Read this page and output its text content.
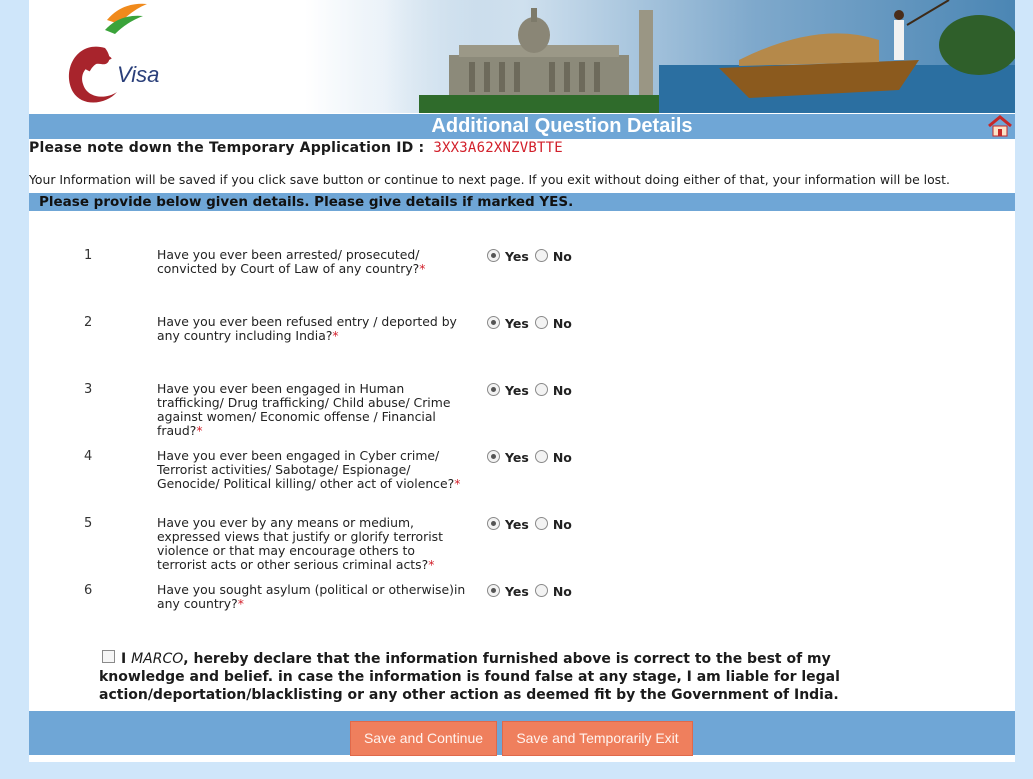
Visa
Additional Question Details
Please note down the Temporary Application ID : 3XX3A62XNZVBTTE
Your Information will be saved if you click save button or continue to next page. If you exit without doing either of that, your information will be lost.
Please provide below given details. Please give details if marked YES.
1	Have you ever been arrested/ prosecuted/ convicted by Court of Law of any country?*
Yes No
2	Have you ever been refused entry / deported by any country including India?*
Yes No
3	Have you ever been engaged in Human trafficking/ Drug trafficking/ Child abuse/ Crime against women/ Economic offense / Financial fraud?*
Yes No
4	Have you ever been engaged in Cyber crime/ Terrorist activities/ Sabotage/ Espionage/ Genocide/ Political killing/ other act of violence?*
Yes No
5	Have you ever by any means or medium, expressed views that justify or glorify terrorist violence or that may encourage others to terrorist acts or other serious criminal acts?*
Yes No
6	Have you sought asylum (political or otherwise)in any country?*
Yes No
I MARCO, hereby declare that the information furnished above is correct to the best of my knowledge and belief. in case the information is found false at any stage, I am liable for legal action/deportation/blacklisting or any other action as deemed fit by the Government of India.
Save and Continue	Save and Temporarily Exit
